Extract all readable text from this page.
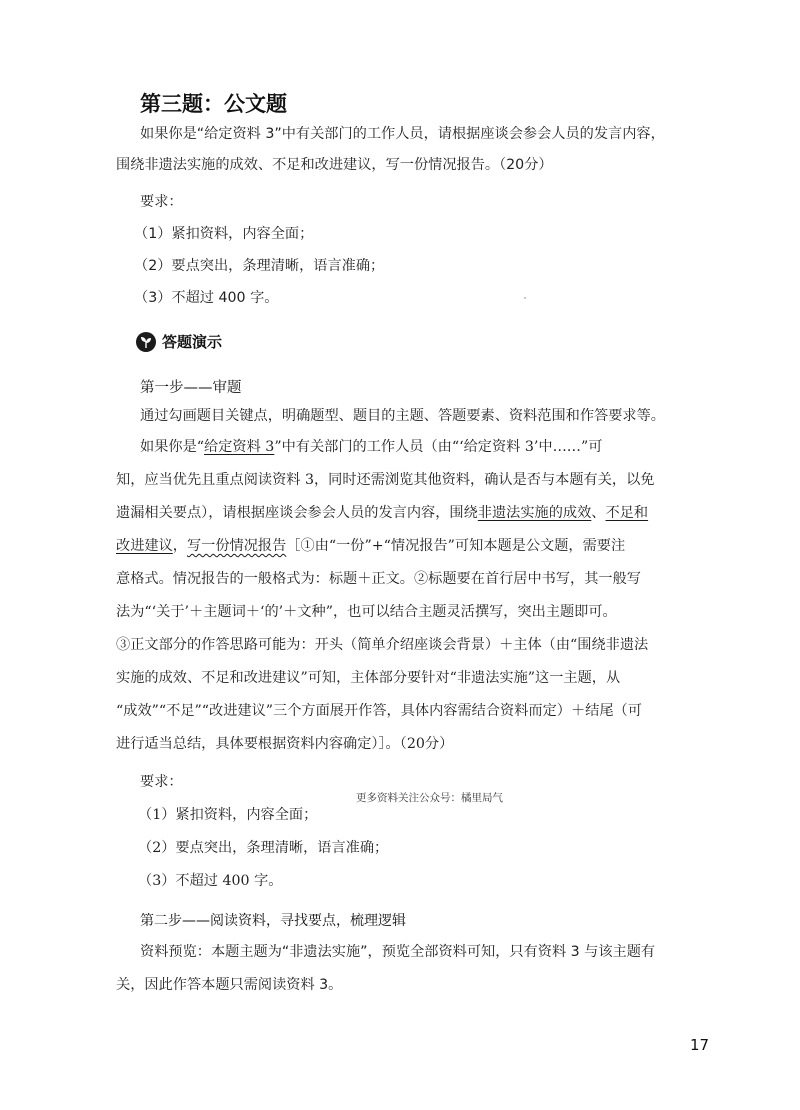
第三题：公文题
如果你是“给定资料 3”中有关部门的工作人员，请根据座谈会参会人员的发言内容，
围绕非遗法实施的成效、不足和改进建议，写一份情况报告。（20分）
要求：
（1）紧扣资料，内容全面；
（2）要点突出，条理清晰，语言准确；
（3）不超过 400 字。
答题演示
第一步——审题
通过勾画题目关键点，明确题型、题目的主题、答题要素、资料范围和作答要求等。
如果你是“给定资料 3”中有关部门的工作人员（由“‘给定资料 3’中……”可
知，应当优先且重点阅读资料 3，同时还需浏览其他资料，确认是否与本题有关，以免
遗漏相关要点），请根据座谈会参会人员的发言内容，围绕非遗法实施的成效、不足和
改进建议，写一份情况报告［①由“一份”+“情况报告”可知本题是公文题，需要注
意格式。情况报告的一般格式为：标题＋正文。②标题要在首行居中书写，其一般写
法为“‘关于’＋主题词＋‘的’＋文种”，也可以结合主题灵活撰写，突出主题即可。
③正文部分的作答思路可能为：开头（简单介绍座谈会背景）＋主体（由“围绕非遗法
实施的成效、不足和改进建议”可知，主体部分要针对“非遗法实施”这一主题，从
“成效”“不足”“改进建议”三个方面展开作答，具体内容需结合资料而定）＋结尾（可
进行适当总结，具体要根据资料内容确定）］。（20分）
要求：
更多资料关注公众号：橘里局气
（1）紧扣资料，内容全面；
（2）要点突出，条理清晰，语言准确；
（3）不超过 400 字。
第二步——阅读资料，寻找要点，梳理逻辑
资料预览：本题主题为“非遗法实施”，预览全部资料可知，只有资料 3 与该主题有
关，因此作答本题只需阅读资料 3。
17
